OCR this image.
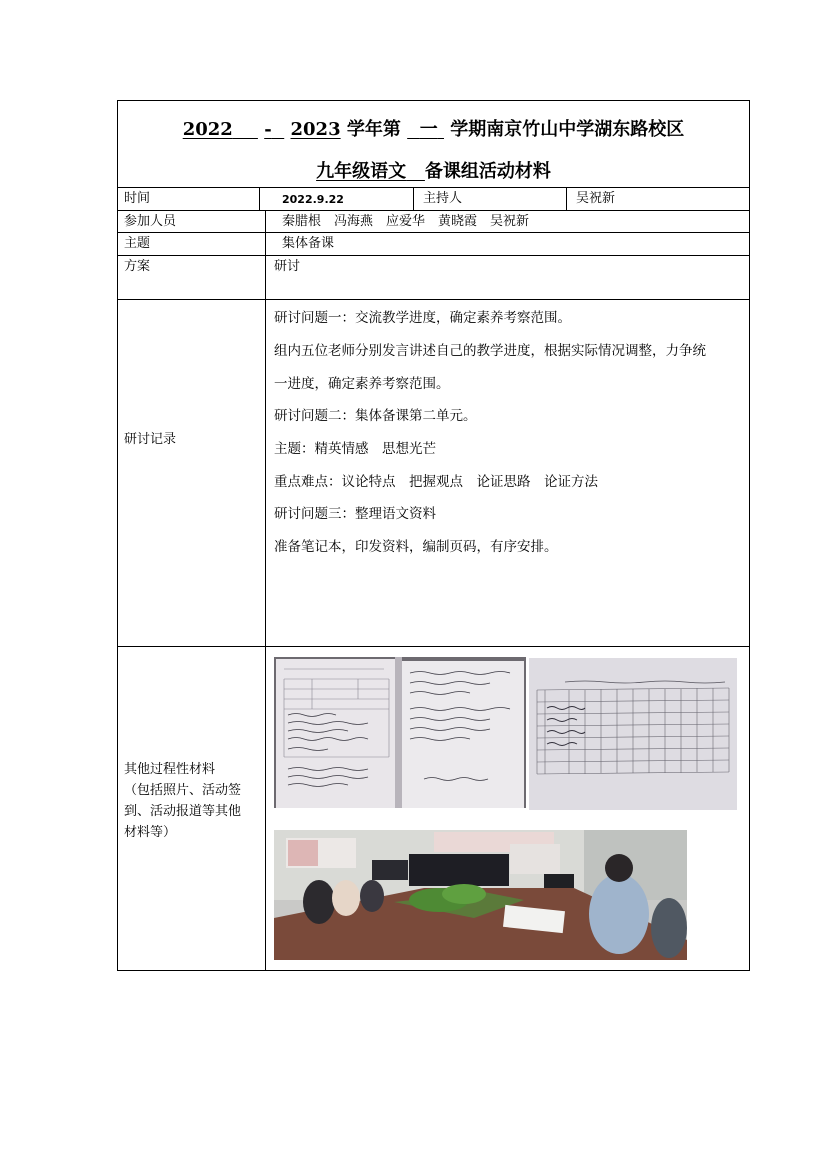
2022 - 2023 学年第 一 学期南京竹山中学湖东路校区
九年级语文 备课组活动材料
时间	2022.9.22	主持人	吴祝新
参加人员	秦腊根　冯海燕　应爱华　黄晓霞　吴祝新
主题	集体备课
方案	研讨
研讨记录
研讨问题一：交流教学进度，确定素养考察范围。
组内五位老师分别发言讲述自己的教学进度，根据实际情况调整，力争统
一进度，确定素养考察范围。
研讨问题二：集体备课第二单元。
主题：精英情感　思想光芒
重点难点：议论特点　把握观点　论证思路　论证方法
研讨问题三：整理语文资料
准备笔记本，印发资料，编制页码，有序安排。
其他过程性材料
（包括照片、活动签
到、活动报道等其他
材料等）
